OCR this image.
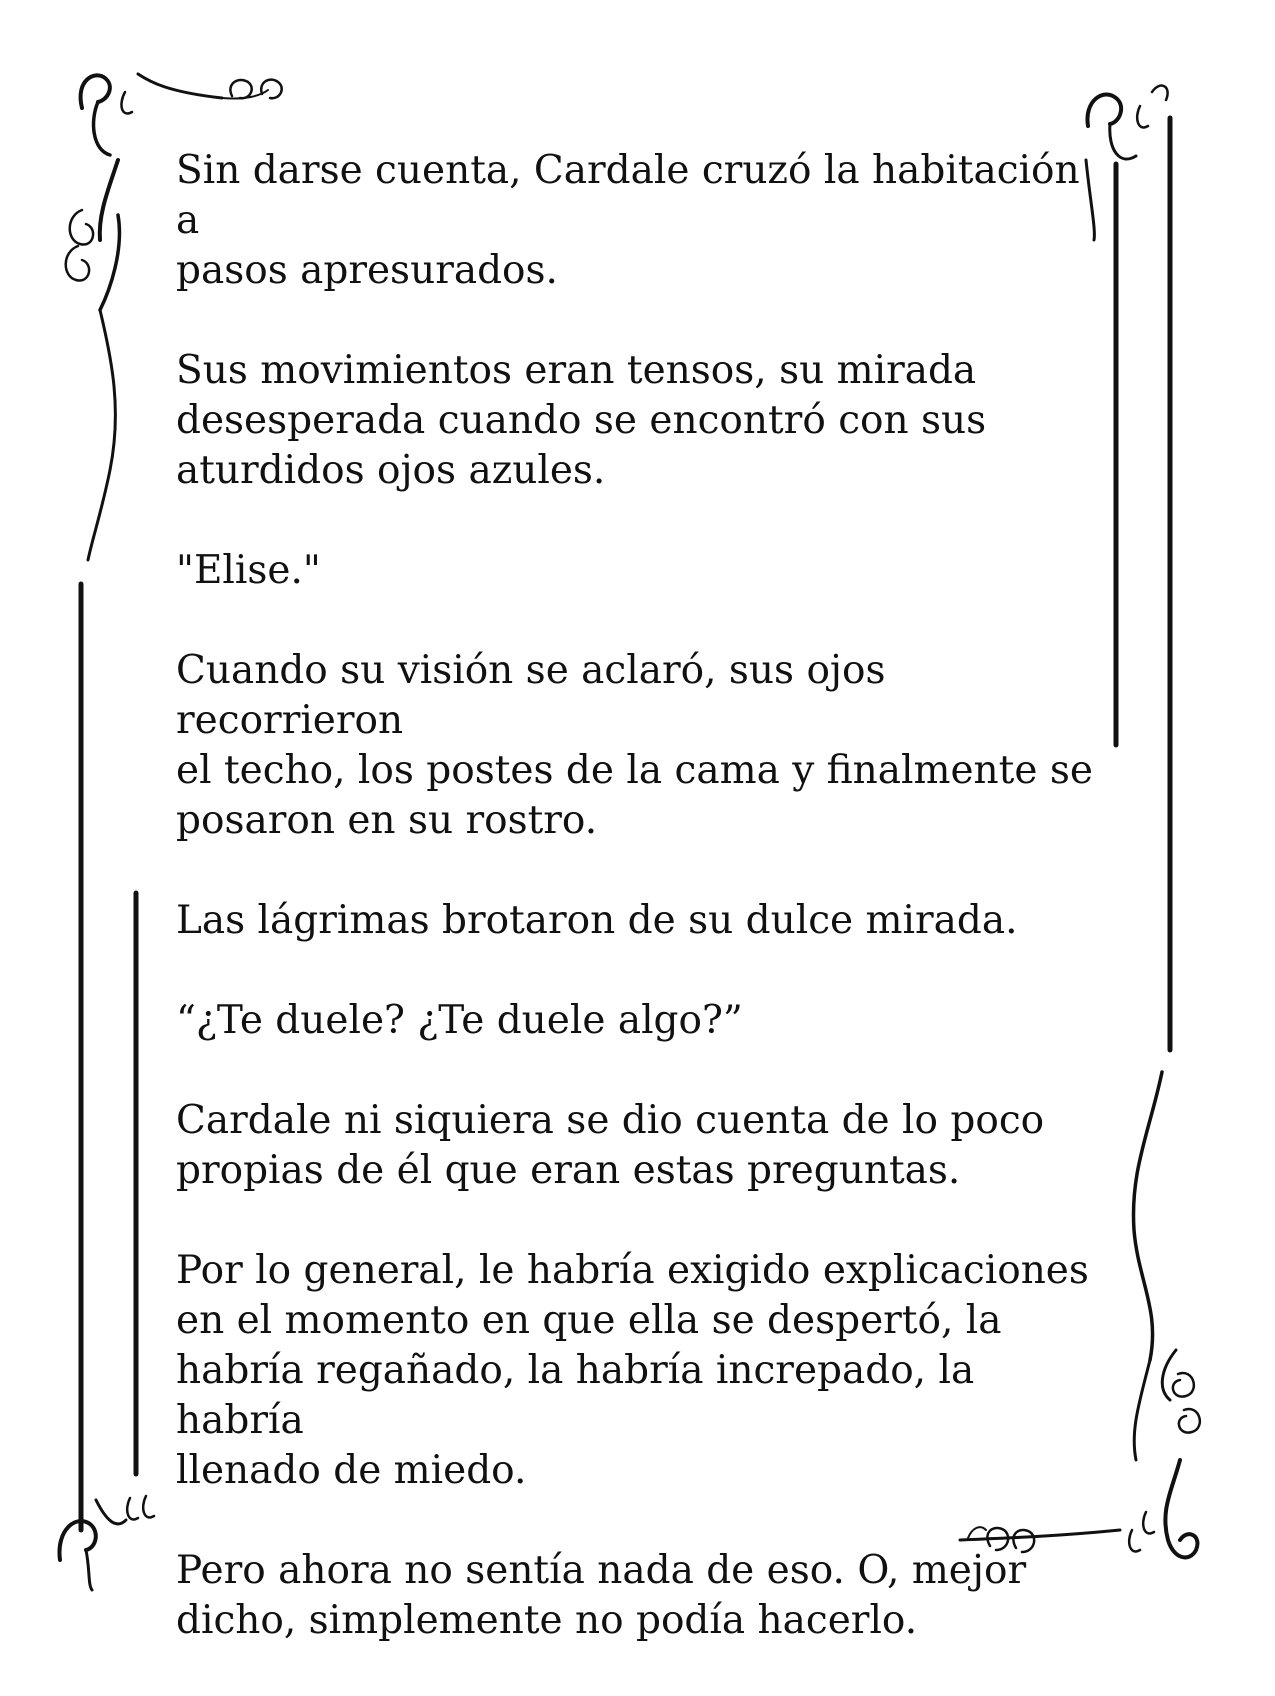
Sin darse cuenta, Cardale cruzó la habitación a
pasos apresurados.

Sus movimientos eran tensos, su mirada
desesperada cuando se encontró con sus
aturdidos ojos azules.

"Elise."

Cuando su visión se aclaró, sus ojos recorrieron
el techo, los postes de la cama y finalmente se
posaron en su rostro.

Las lágrimas brotaron de su dulce mirada.

“¿Te duele? ¿Te duele algo?”

Cardale ni siquiera se dio cuenta de lo poco
propias de él que eran estas preguntas.

Por lo general, le habría exigido explicaciones
en el momento en que ella se despertó, la
habría regañado, la habría increpado, la habría
llenado de miedo.

Pero ahora no sentía nada de eso. O, mejor
dicho, simplemente no podía hacerlo.
